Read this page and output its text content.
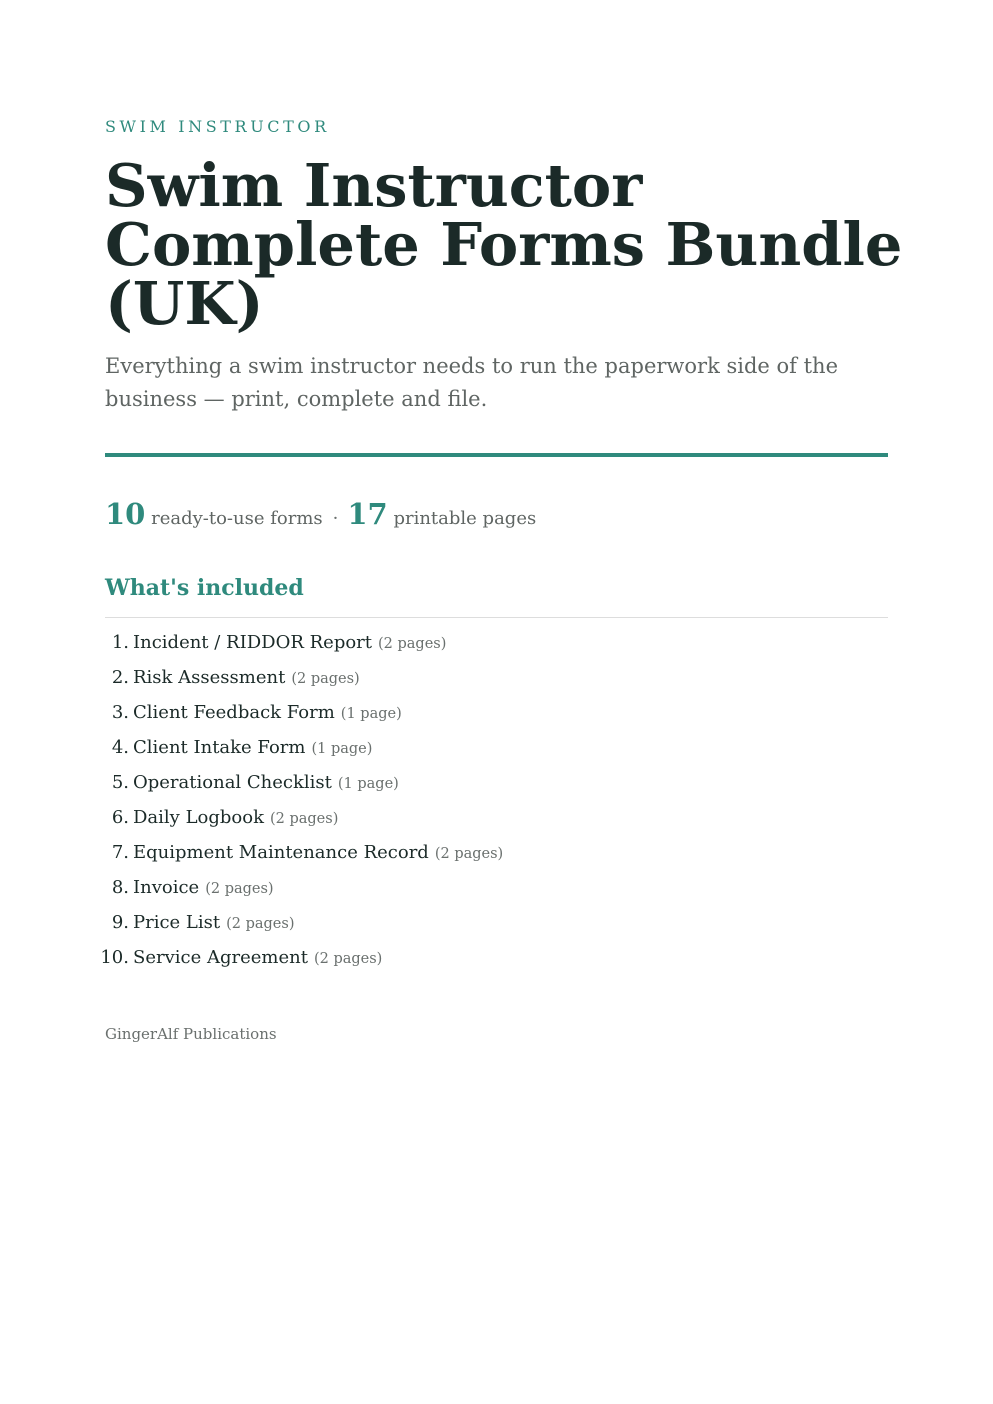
SWIM INSTRUCTOR
Swim Instructor
Complete Forms Bundle
(UK)

Everything a swim instructor needs to run the paperwork side of the business — print, complete and file.

10 ready-to-use forms · 17 printable pages
What's included
1. Incident / RIDDOR Report (2 pages)
2. Risk Assessment (2 pages)
3. Client Feedback Form (1 page)
4. Client Intake Form (1 page)
5. Operational Checklist (1 page)
6. Daily Logbook (2 pages)
7. Equipment Maintenance Record (2 pages)
8. Invoice (2 pages)
9. Price List (2 pages)
10. Service Agreement (2 pages)
GingerAlf Publications
